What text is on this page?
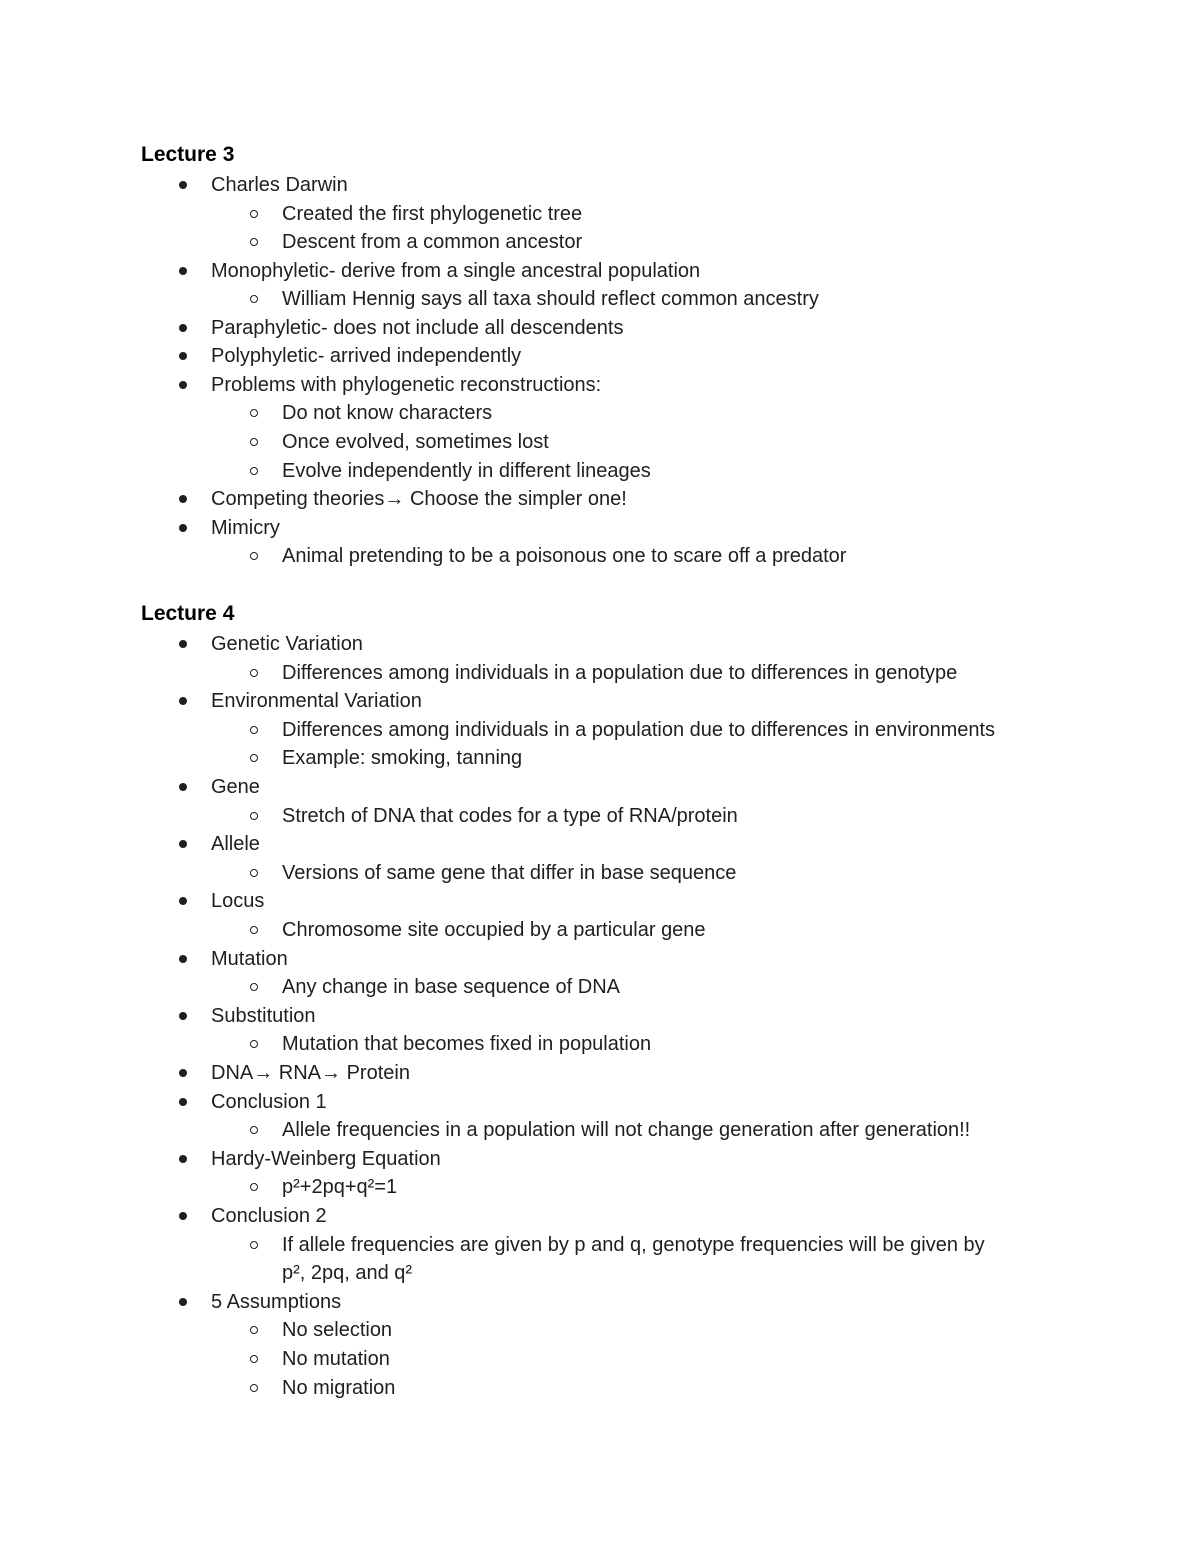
Lecture 3
Charles Darwin
Created the first phylogenetic tree
Descent from a common ancestor
Monophyletic- derive from a single ancestral population
William Hennig says all taxa should reflect common ancestry
Paraphyletic- does not include all descendents
Polyphyletic- arrived independently
Problems with phylogenetic reconstructions:
Do not know characters
Once evolved, sometimes lost
Evolve independently in different lineages
Competing theories→ Choose the simpler one!
Mimicry
Animal pretending to be a poisonous one to scare off a predator
Lecture 4
Genetic Variation
Differences among individuals in a population due to differences in genotype
Environmental Variation
Differences among individuals in a population due to differences in environments
Example: smoking, tanning
Gene
Stretch of DNA that codes for a type of RNA/protein
Allele
Versions of same gene that differ in base sequence
Locus
Chromosome site occupied by a particular gene
Mutation
Any change in base sequence of DNA
Substitution
Mutation that becomes fixed in population
DNA→ RNA→ Protein
Conclusion 1
Allele frequencies in a population will not change generation after generation!!
Hardy-Weinberg Equation
p²+2pq+q²=1
Conclusion 2
If allele frequencies are given by p and q, genotype frequencies will be given by
p², 2pq, and q²
5 Assumptions
No selection
No mutation
No migration
